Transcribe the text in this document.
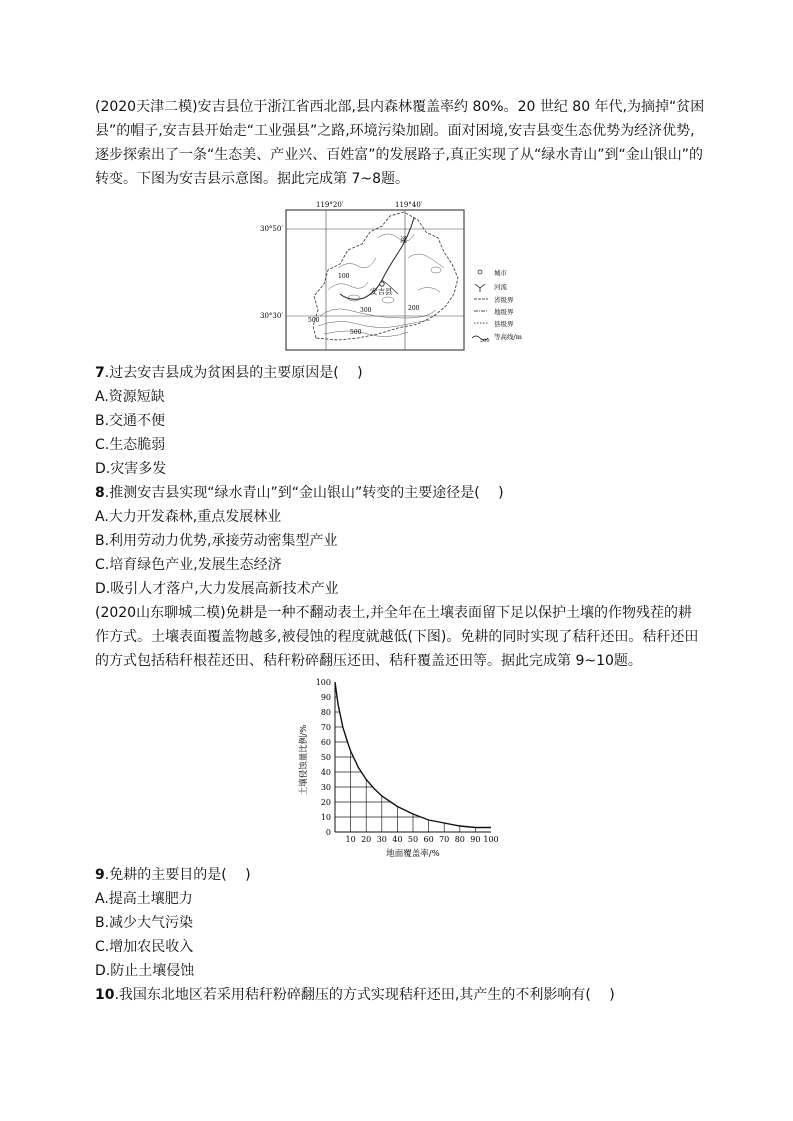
(2020天津二模)安吉县位于浙江省西北部,县内森林覆盖率约 80%。20 世纪 80 年代,为摘掉“贫困
县”的帽子,安吉县开始走“工业强县”之路,环境污染加剧。面对困境,安吉县变生态优势为经济优势,
逐步探索出了一条“生态美、产业兴、百姓富”的发展路子,真正实现了从“绿水青山”到“金山银山”的
转变。下图为安吉县示意图。据此完成第 7~8题。
119°20′	119°40′
30°50′
30°30′
溪
安吉县
500
300
100
200
500
城市
河流
省级界
地级界
县级界
200 等高线/m
7.过去安吉县成为贫困县的主要原因是(　 )
A.资源短缺
B.交通不便
C.生态脆弱
D.灾害多发
8.推测安吉县实现“绿水青山”到“金山银山”转变的主要途径是(　 )
A.大力开发森林,重点发展林业
B.利用劳动力优势,承接劳动密集型产业
C.培育绿色产业,发展生态经济
D.吸引人才落户,大力发展高新技术产业
(2020山东聊城二模)免耕是一种不翻动表土,并全年在土壤表面留下足以保护土壤的作物残茬的耕
作方式。土壤表面覆盖物越多,被侵蚀的程度就越低(下图)。免耕的同时实现了秸秆还田。秸秆还田
的方式包括秸秆根茬还田、秸秆粉碎翻压还田、秸秆覆盖还田等。据此完成第 9~10题。
土壤侵蚀量比例/%
地面覆盖率/%
0
10
20
30
40
50
60
70
80
90
100
10 20 30 40 50 60 70 80 90 100
9.免耕的主要目的是(　 )
A.提高土壤肥力
B.减少大气污染
C.增加农民收入
D.防止土壤侵蚀
10.我国东北地区若采用秸秆粉碎翻压的方式实现秸秆还田,其产生的不利影响有(　 )
